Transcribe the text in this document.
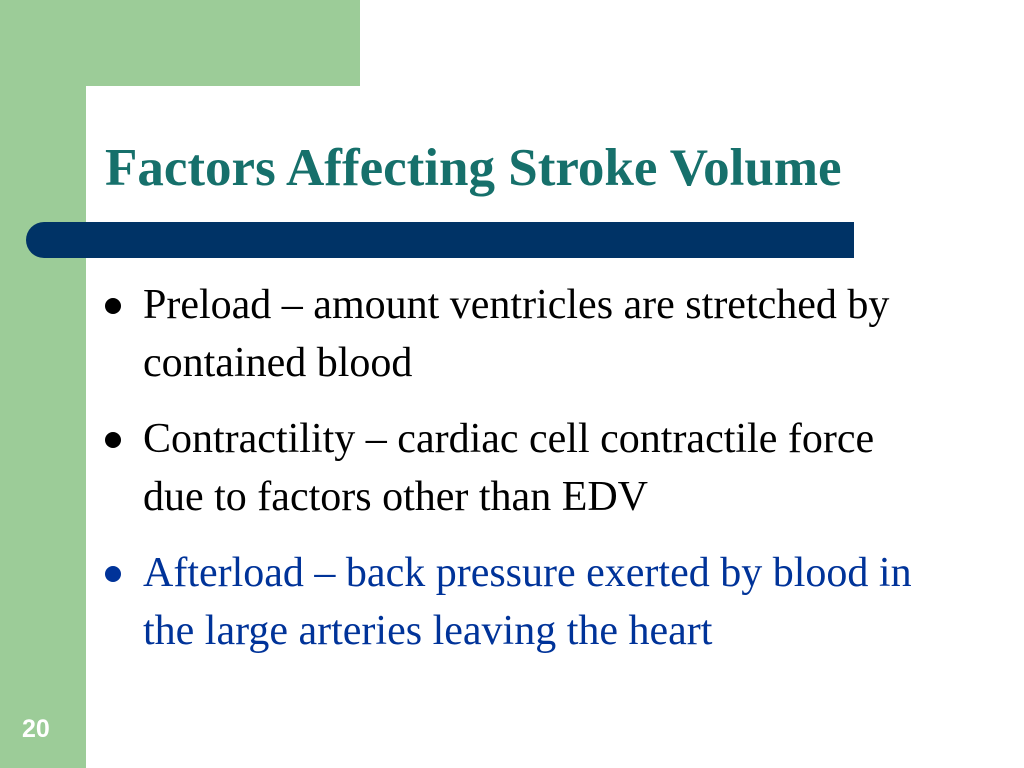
Factors Affecting Stroke Volume
Preload – amount ventricles are stretched by contained blood
Contractility – cardiac cell contractile force due to factors other than EDV
Afterload – back pressure exerted by blood in the large arteries leaving the heart
20
